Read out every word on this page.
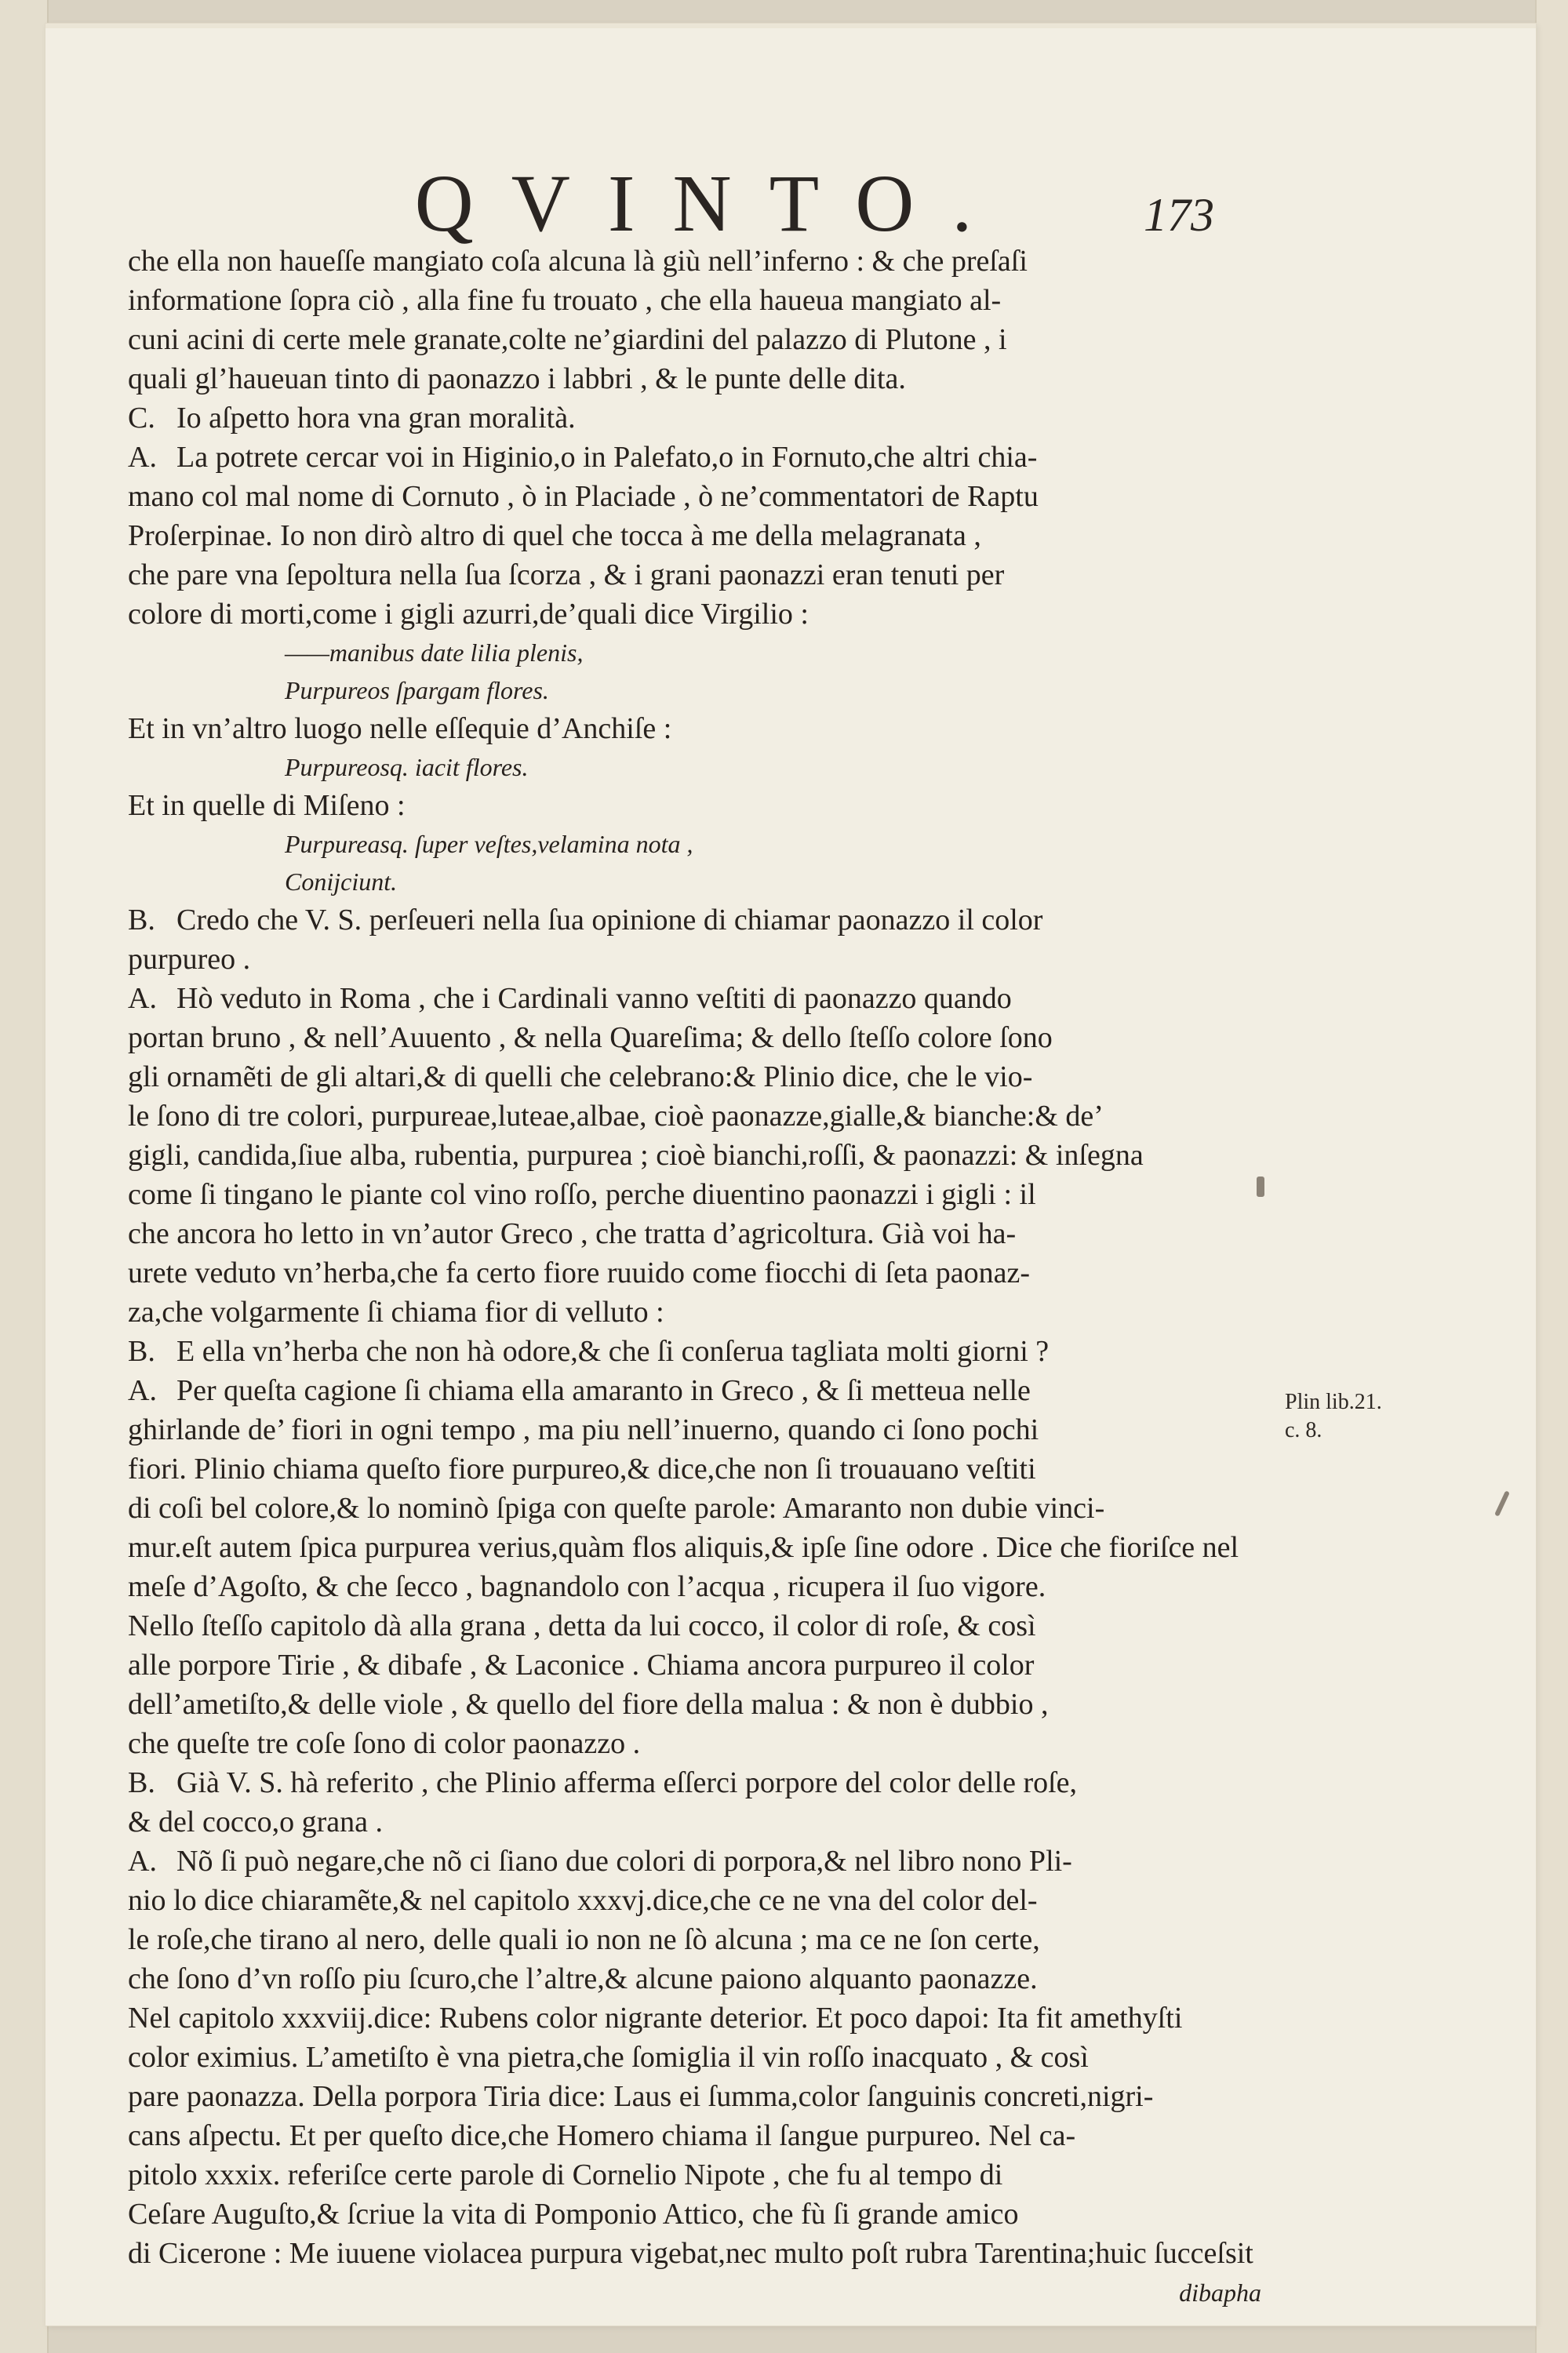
QVINTO.	173
che ella non haueſſe mangiato coſa alcuna là giù nell’inferno : & che preſaſi
informatione ſopra ciò , alla fine fu trouato , che ella haueua mangiato al-
cuni acini di certe mele granate,colte ne’giardini del palazzo di Plutone , i
quali gl’haueuan tinto di paonazzo i labbri , & le punte delle dita.
C. Io aſpetto hora vna gran moralità.
A. La potrete cercar voi in Higinio,o in Palefato,o in Fornuto,che altri chia-
mano col mal nome di Cornuto , ò in Placiade , ò ne’commentatori de Raptu
Proſerpinae. Io non dirò altro di quel che tocca à me della melagranata ,
che pare vna ſepoltura nella ſua ſcorza , & i grani paonazzi eran tenuti per
colore di morti,come i gigli azurri,de’quali dice Virgilio :
——manibus date lilia plenis,
Purpureos ſpargam flores.
Et in vn’altro luogo nelle eſſequie d’Anchiſe :
Purpureosq. iacit flores.
Et in quelle di Miſeno :
Purpureasq. ſuper veſtes,velamina nota ,
Conijciunt.
B. Credo che V. S. perſeueri nella ſua opinione di chiamar paonazzo il color
purpureo .
A. Hò veduto in Roma , che i Cardinali vanno veſtiti di paonazzo quando
portan bruno , & nell’Auuento , & nella Quareſima; & dello ſteſſo colore ſono
gli ornamẽti de gli altari,& di quelli che celebrano:& Plinio dice, che le vio-
le ſono di tre colori, purpureae,luteae,albae, cioè paonazze,gialle,& bianche:& de’
gigli, candida,ſiue alba, rubentia, purpurea ; cioè bianchi,roſſi, & paonazzi: & inſegna
come ſi tingano le piante col vino roſſo, perche diuentino paonazzi i gigli : il
che ancora ho letto in vn’autor Greco , che tratta d’agricoltura. Già voi ha-
urete veduto vn’herba,che fa certo fiore ruuido come fiocchi di ſeta paonaz-
za,che volgarmente ſi chiama fior di velluto :
B. E ella vn’herba che non hà odore,& che ſi conſerua tagliata molti giorni ?
A. Per queſta cagione ſi chiama ella amaranto in Greco , & ſi metteua nelle
ghirlande de’ fiori in ogni tempo , ma piu nell’inuerno, quando ci ſono pochi
fiori. Plinio chiama queſto fiore purpureo,& dice,che non ſi trouauano veſtiti
di coſi bel colore,& lo nominò ſpiga con queſte parole: Amaranto non dubie vinci-
mur.eſt autem ſpica purpurea verius,quàm flos aliquis,& ipſe ſine odore . Dice che fioriſce nel
meſe d’Agoſto, & che ſecco , bagnandolo con l’acqua , ricupera il ſuo vigore.
Nello ſteſſo capitolo dà alla grana , detta da lui cocco, il color di roſe, & così
alle porpore Tirie , & dibafe , & Laconice . Chiama ancora purpureo il color
dell’ametiſto,& delle viole , & quello del fiore della malua : & non è dubbio ,
che queſte tre coſe ſono di color paonazzo .
B. Già V. S. hà referito , che Plinio afferma eſſerci porpore del color delle roſe,
& del cocco,o grana .
A. Nõ ſi può negare,che nõ ci ſiano due colori di porpora,& nel libro nono Pli-
nio lo dice chiaramẽte,& nel capitolo xxxvj.dice,che ce ne vna del color del-
le roſe,che tirano al nero, delle quali io non ne ſò alcuna ; ma ce ne ſon certe,
che ſono d’vn roſſo piu ſcuro,che l’altre,& alcune paiono alquanto paonazze.
Nel capitolo xxxviij.dice: Rubens color nigrante deterior. Et poco dapoi: Ita fit amethyſti
color eximius. L’ametiſto è vna pietra,che ſomiglia il vin roſſo inacquato , & così
pare paonazza. Della porpora Tiria dice: Laus ei ſumma,color ſanguinis concreti,nigri-
cans aſpectu. Et per queſto dice,che Homero chiama il ſangue purpureo. Nel ca-
pitolo xxxix. referiſce certe parole di Cornelio Nipote , che fu al tempo di
Ceſare Auguſto,& ſcriue la vita di Pomponio Attico, che fù ſi grande amico
di Cicerone : Me iuuene violacea purpura vigebat,nec multo poſt rubra Tarentina;huic ſucceſsit
dibapha
Plin lib.21.
c. 8.
